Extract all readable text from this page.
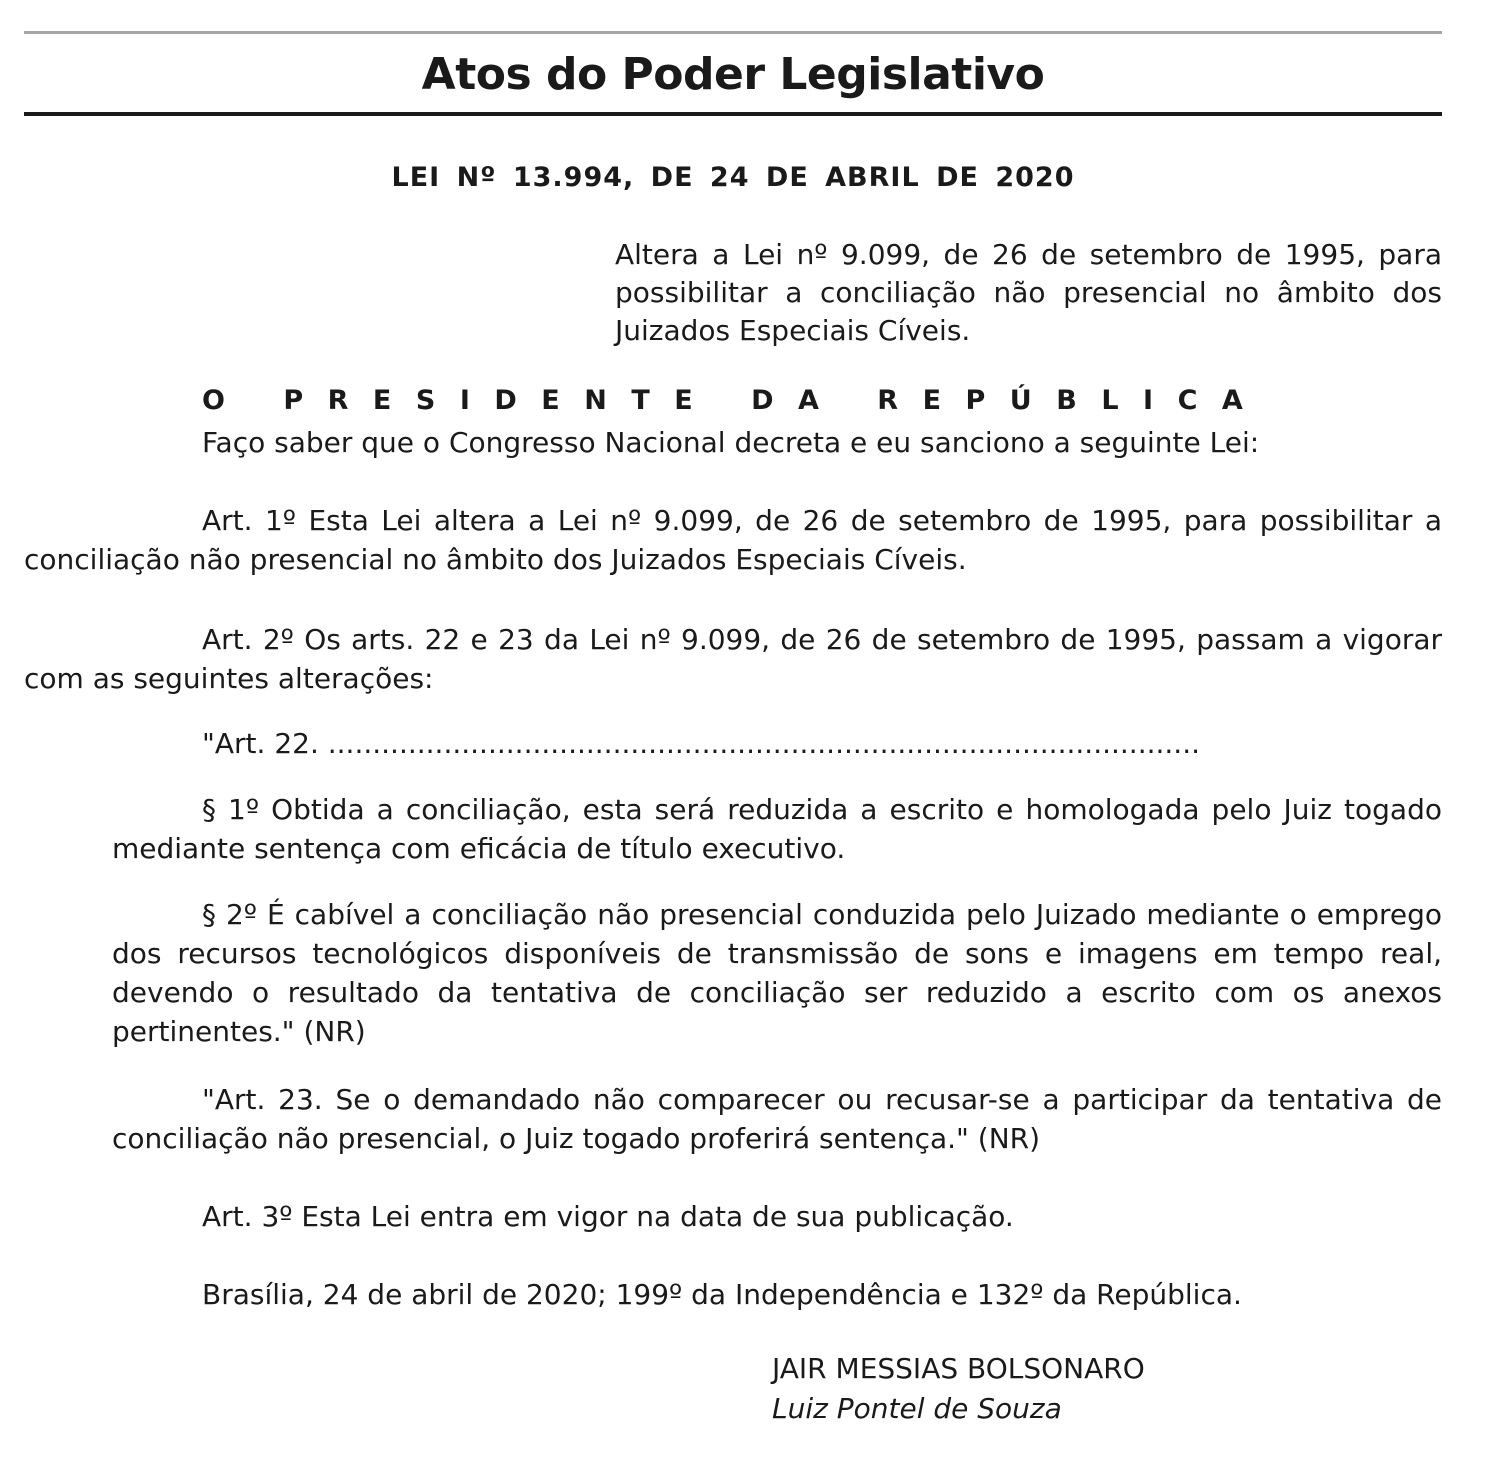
Atos do Poder Legislativo
LEI Nº 13.994, DE 24 DE ABRIL DE 2020

Altera a Lei nº 9.099, de 26 de setembro de 1995, para possibilitar a conciliação não presencial no âmbito dos Juizados Especiais Cíveis.

O PRESIDENTE DA REPÚBLICA

Faço saber que o Congresso Nacional decreta e eu sanciono a seguinte Lei:

Art. 1º Esta Lei altera a Lei nº 9.099, de 26 de setembro de 1995, para possibilitar a conciliação não presencial no âmbito dos Juizados Especiais Cíveis.

Art. 2º Os arts. 22 e 23 da Lei nº 9.099, de 26 de setembro de 1995, passam a vigorar com as seguintes alterações:

"Art. 22. ..................................................................................................

§ 1º Obtida a conciliação, esta será reduzida a escrito e homologada pelo Juiz togado mediante sentença com eficácia de título executivo.

§ 2º É cabível a conciliação não presencial conduzida pelo Juizado mediante o emprego dos recursos tecnológicos disponíveis de transmissão de sons e imagens em tempo real, devendo o resultado da tentativa de conciliação ser reduzido a escrito com os anexos pertinentes." (NR)

"Art. 23. Se o demandado não comparecer ou recusar-se a participar da tentativa de conciliação não presencial, o Juiz togado proferirá sentença." (NR)

Art. 3º Esta Lei entra em vigor na data de sua publicação.

Brasília, 24 de abril de 2020; 199º da Independência e 132º da República.

JAIR MESSIAS BOLSONARO

Luiz Pontel de Souza
